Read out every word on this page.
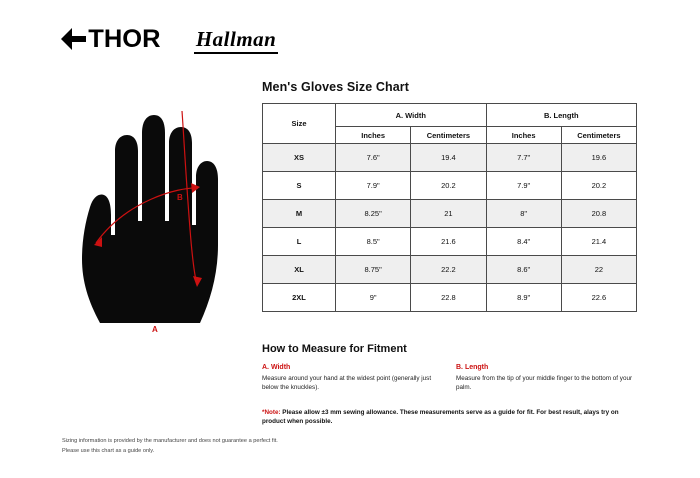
THOR Hallman
B
A
Men's Gloves Size Chart
Size	A. Width		B. Length	
	Inches	Centimeters	Inches	Centimeters
XS	7.6"	19.4	7.7"	19.6
S	7.9"	20.2	7.9"	20.2
M	8.25"	21	8"	20.8
L	8.5"	21.6	8.4"	21.4
XL	8.75"	22.2	8.6"	22
2XL	9"	22.8	8.9"	22.6
How to Measure for Fitment
A. Width
Measure around your hand at the widest point (generally just below the knuckles).
B. Length
Measure from the tip of your middle finger to the bottom of your palm.
*Note: Please allow ±3 mm sewing allowance. These measurements serve as a guide for fit. For best result, alays try on product when possible.
Sizing information is provided by the manufacturer and does not guarantee a perfect fit.
Please use this chart as a guide only.
